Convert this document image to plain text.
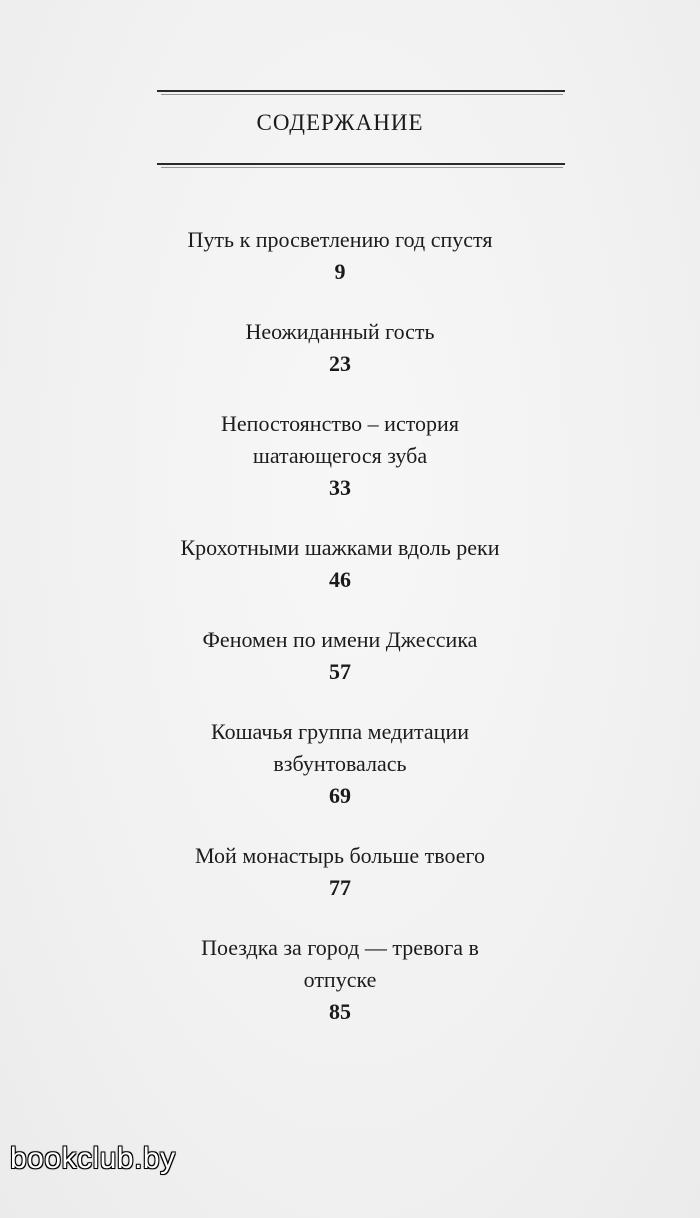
СОДЕРЖАНИЕ
Путь к просветлению год спустя
9
Неожиданный гость
23
Непостоянство – история
шатающегося зуба
33
Крохотными шажками вдоль реки
46
Феномен по имени Джессика
57
Кошачья группа медитации
взбунтовалась
69
Мой монастырь больше твоего
77
Поездка за город — тревога в
отпуске
85
bookclub.by
